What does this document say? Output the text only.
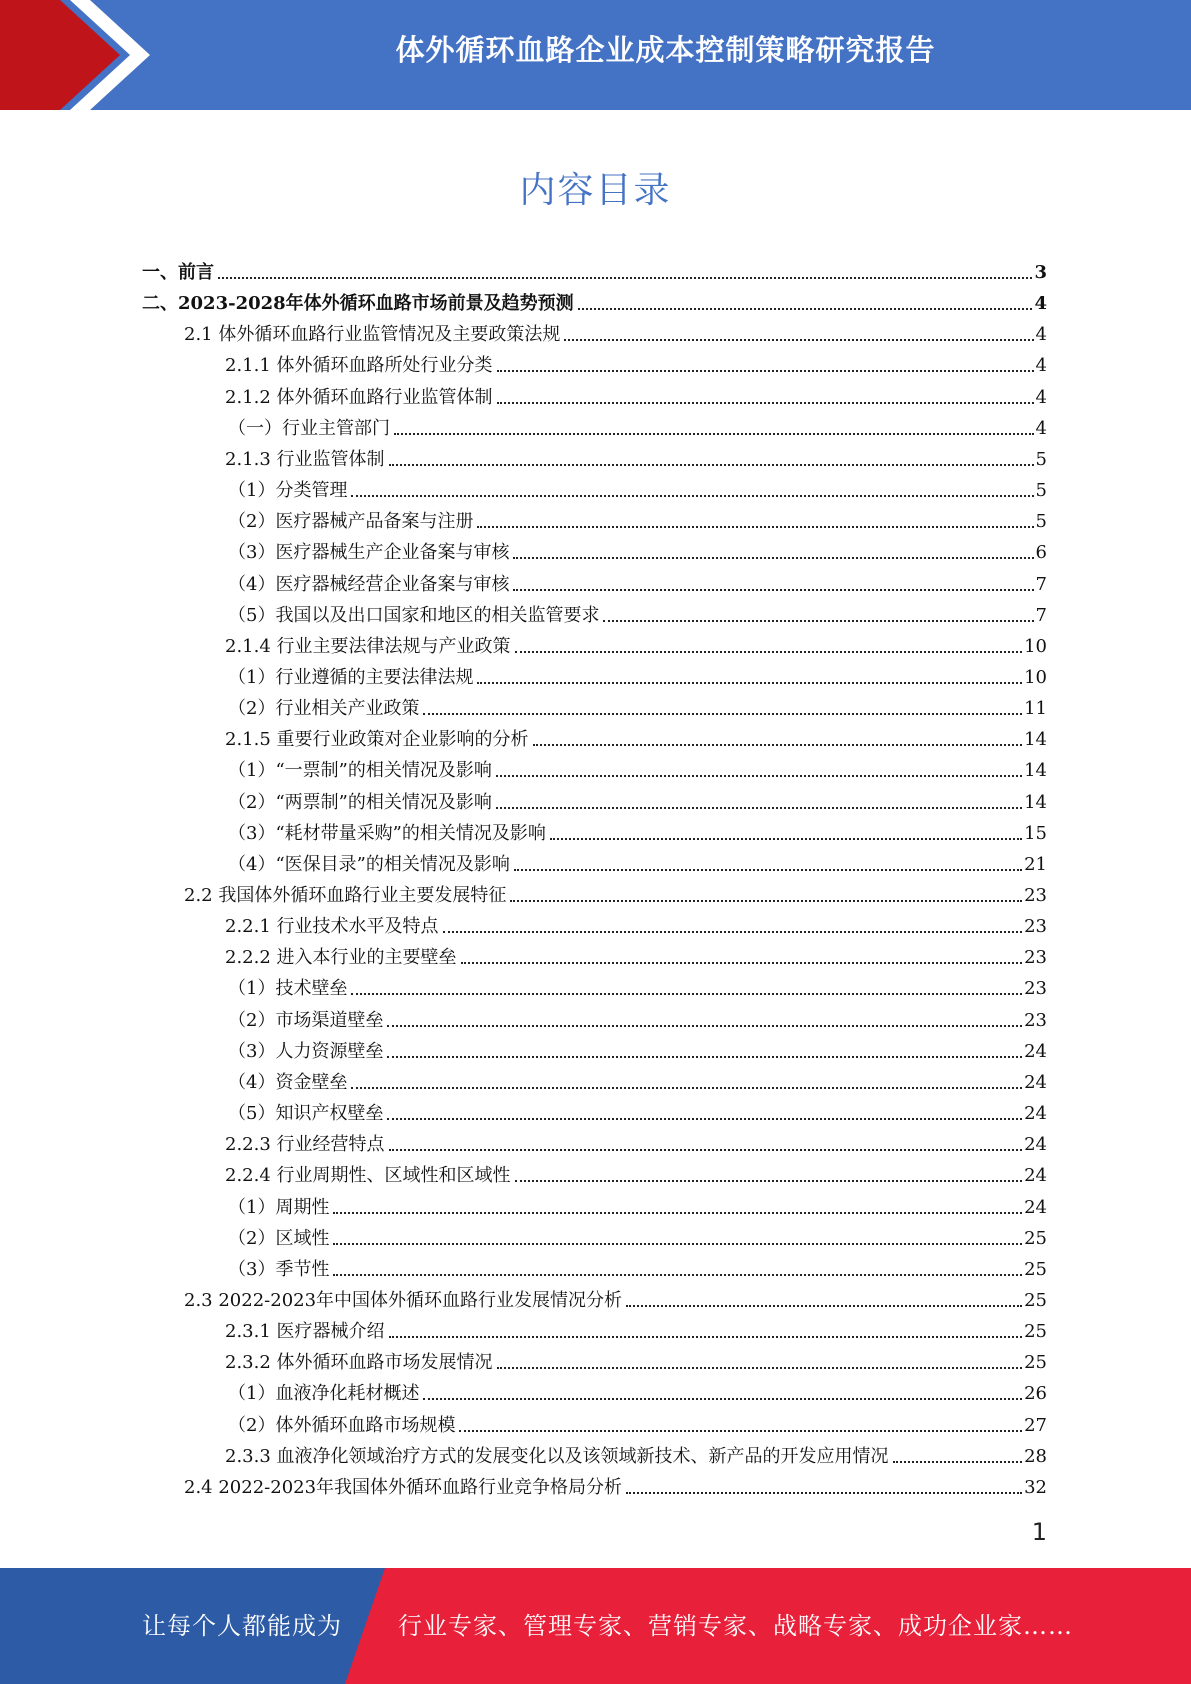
体外循环血路企业成本控制策略研究报告
内容目录
一、前言	3
二、2023-2028年体外循环血路市场前景及趋势预测	4
2.1 体外循环血路行业监管情况及主要政策法规	4
2.1.1 体外循环血路所处行业分类	4
2.1.2 体外循环血路行业监管体制	4
（一）行业主管部门	4
2.1.3 行业监管体制	5
（1）分类管理	5
（2）医疗器械产品备案与注册	5
（3）医疗器械生产企业备案与审核	6
（4）医疗器械经营企业备案与审核	7
（5）我国以及出口国家和地区的相关监管要求	7
2.1.4 行业主要法律法规与产业政策	10
（1）行业遵循的主要法律法规	10
（2）行业相关产业政策	11
2.1.5 重要行业政策对企业影响的分析	14
（1）“一票制”的相关情况及影响	14
（2）“两票制”的相关情况及影响	14
（3）“耗材带量采购”的相关情况及影响	15
（4）“医保目录”的相关情况及影响	21
2.2 我国体外循环血路行业主要发展特征	23
2.2.1 行业技术水平及特点	23
2.2.2 进入本行业的主要壁垒	23
（1）技术壁垒	23
（2）市场渠道壁垒	23
（3）人力资源壁垒	24
（4）资金壁垒	24
（5）知识产权壁垒	24
2.2.3 行业经营特点	24
2.2.4 行业周期性、区域性和区域性	24
（1）周期性	24
（2）区域性	25
（3）季节性	25
2.3 2022-2023年中国体外循环血路行业发展情况分析	25
2.3.1 医疗器械介绍	25
2.3.2 体外循环血路市场发展情况	25
（1）血液净化耗材概述	26
（2）体外循环血路市场规模	27
2.3.3 血液净化领域治疗方式的发展变化以及该领域新技术、新产品的开发应用情况	28
2.4 2022-2023年我国体外循环血路行业竞争格局分析	32
1
让每个人都能成为 行业专家、管理专家、营销专家、战略专家、成功企业家……
